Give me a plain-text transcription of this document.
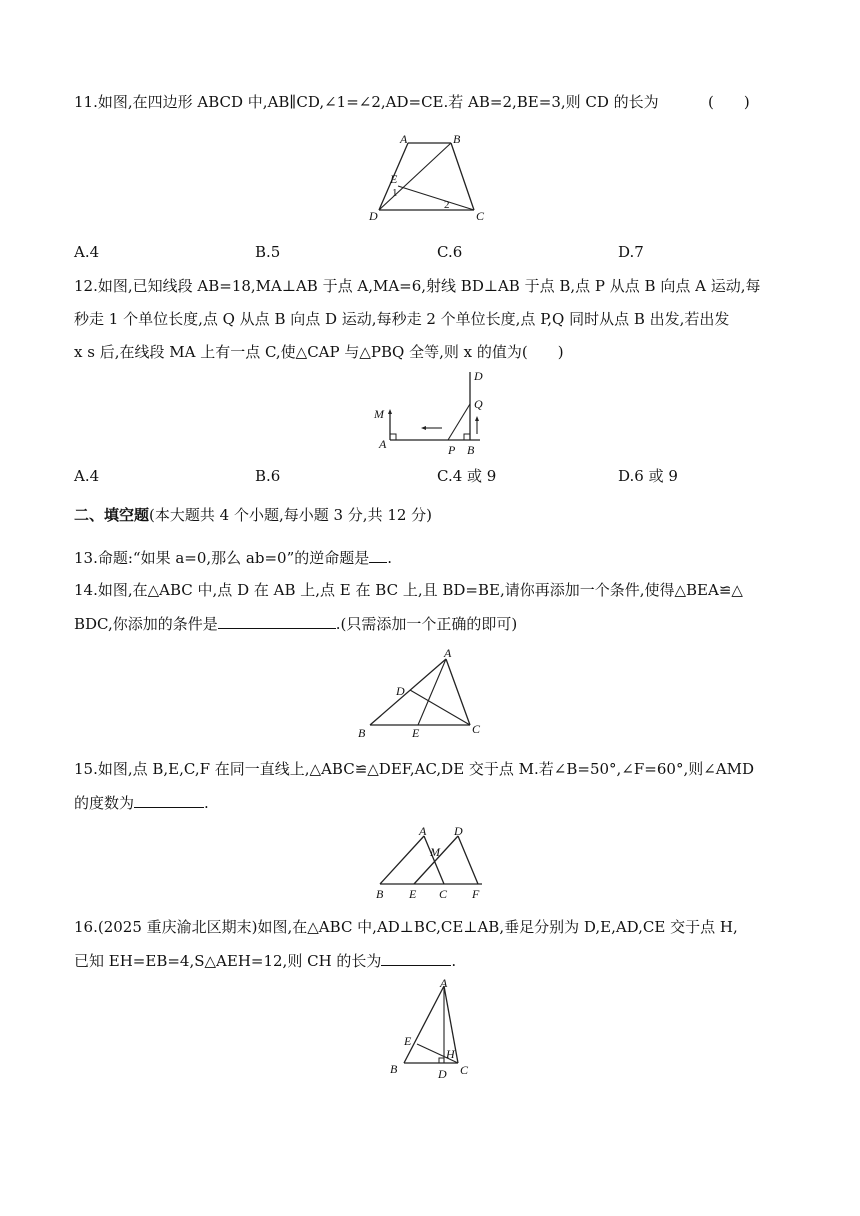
11.如图,在四边形 ABCD 中,AB∥CD,∠1=∠2,AD=CE.若 AB=2,BE=3,则 CD 的长为	(　　)
A	B
E
1
2
D	C
A.4	B.5	C.6	D.7
12.如图,已知线段 AB=18,MA⊥AB 于点 A,MA=6,射线 BD⊥AB 于点 B,点 P 从点 B 向点 A 运动,每
秒走 1 个单位长度,点 Q 从点 B 向点 D 运动,每秒走 2 个单位长度,点 P,Q 同时从点 B 出发,若出发
x s 后,在线段 MA 上有一点 C,使△CAP 与△PBQ 全等,则 x 的值为(　　)
D
M
Q
A	P B
A.4	B.6	C.4 或 9	D.6 或 9
二、填空题(本大题共 4 个小题,每小题 3 分,共 12 分)
13.命题:“如果 a=0,那么 ab=0”的逆命题是 .
14.如图,在△ABC 中,点 D 在 AB 上,点 E 在 BC 上,且 BD=BE,请你再添加一个条件,使得△BEA≌△
BDC,你添加的条件是	.(只需添加一个正确的即可)
A
D
B	E	C
15.如图,点 B,E,C,F 在同一直线上,△ABC≌△DEF,AC,DE 交于点 M.若∠B=50°,∠F=60°,则∠AMD
的度数为	.
A D
M
B E C F
16.(2025 重庆渝北区期末)如图,在△ABC 中,AD⊥BC,CE⊥AB,垂足分别为 D,E,AD,CE 交于点 H,
已知 EH=EB=4,S△AEH=12,则 CH 的长为	.
A
E
H
B	D C
